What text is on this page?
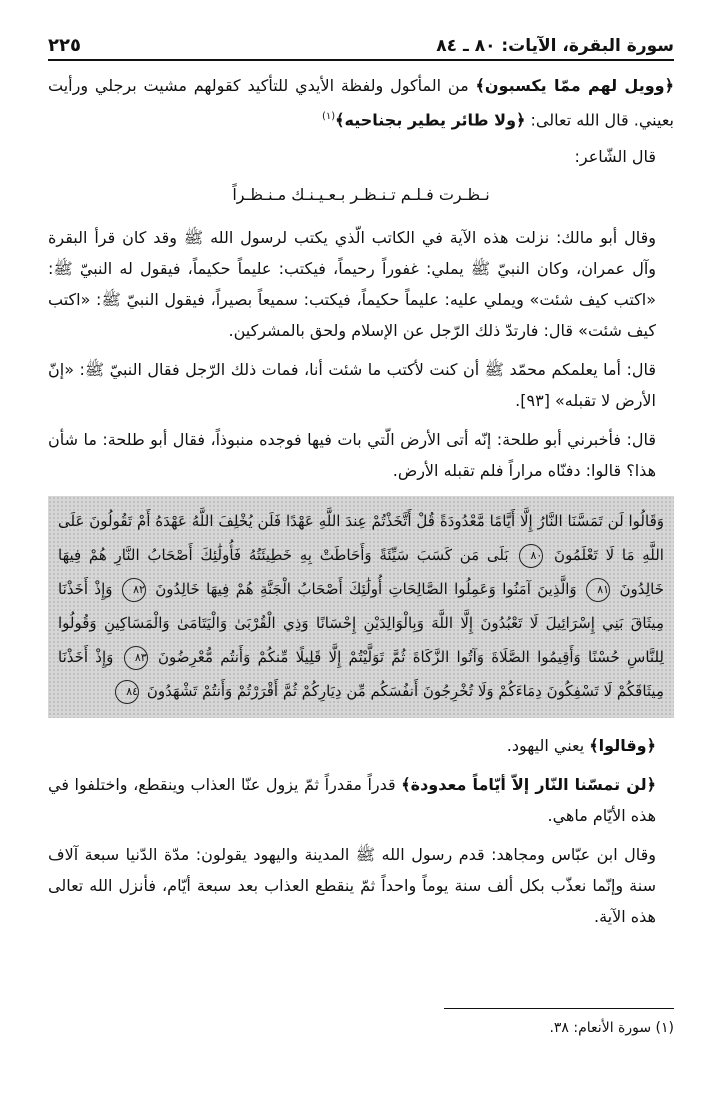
سورة البقرة، الآيات: ٨٠ ـ ٨٤
٢٢٥

﴿وويل لهم ممّا يكسبون﴾ من المأكول ولفظة الأيدي للتأكيد كقولهم مشيت برجلي ورأيت بعيني. قال الله تعالى: ﴿ولا طائر يطير بجناحيه﴾$^{(١)}$

قال الشّاعر:

نـظـرت فـلـم تـنـظـر بـعـيـنـك مـنـظـراً

وقال أبو مالك: نزلت هذه الآية في الكاتب الّذي يكتب لرسول الله ﷺ وقد كان قرأ البقرة وآل عمران، وكان النبيّ ﷺ يملي: غفوراً رحيماً، فيكتب: عليماً حكيماً، فيقول له النبيّ ﷺ: «اكتب كيف شئت» ويملي عليه: عليماً حكيماً، فيكتب: سميعاً بصيراً، فيقول النبيّ ﷺ: «اكتب كيف شئت» قال: فارتدّ ذلك الرّجل عن الإسلام ولحق بالمشركين.

قال: أما يعلمكم محمّد ﷺ أن كنت لأكتب ما شئت أنا، فمات ذلك الرّجل فقال النبيّ ﷺ: «إنّ الأرض لا تقبله» [٩٣].

قال: فأخبرني أبو طلحة: إنّه أتى الأرض الّتي بات فيها فوجده منبوذاً، فقال أبو طلحة: ما شأن هذا؟ قالوا: دفنّاه مراراً فلم تقبله الأرض.

وَقَالُوا لَن تَمَسَّنَا النَّارُ إِلَّا أَيَّامًا مَّعْدُودَةً قُلْ أَتَّخَذْتُمْ عِندَ اللَّهِ عَهْدًا فَلَن يُخْلِفَ اللَّهُ عَهْدَهُ أَمْ تَقُولُونَ عَلَى اللَّهِ مَا لَا تَعْلَمُونَ ٨٠ بَلَى مَن كَسَبَ سَيِّئَةً وَأَحَاطَتْ بِهِ خَطِيئَتُهُ فَأُولَٰئِكَ أَصْحَابُ النَّارِ هُمْ فِيهَا خَالِدُونَ ٨١ وَالَّذِينَ آمَنُوا وَعَمِلُوا الصَّالِحَاتِ أُولَٰئِكَ أَصْحَابُ الْجَنَّةِ هُمْ فِيهَا خَالِدُونَ ٨٢ وَإِذْ أَخَذْنَا مِيثَاقَ بَنِي إِسْرَائِيلَ لَا تَعْبُدُونَ إِلَّا اللَّهَ وَبِالْوَالِدَيْنِ إِحْسَانًا وَذِي الْقُرْبَىٰ وَالْيَتَامَىٰ وَالْمَسَاكِينِ وَقُولُوا لِلنَّاسِ حُسْنًا وَأَقِيمُوا الصَّلَاةَ وَآتُوا الزَّكَاةَ ثُمَّ تَوَلَّيْتُمْ إِلَّا قَلِيلًا مِّنكُمْ وَأَنتُم مُّعْرِضُونَ ٨٣ وَإِذْ أَخَذْنَا مِيثَاقَكُمْ لَا تَسْفِكُونَ دِمَاءَكُمْ وَلَا تُخْرِجُونَ أَنفُسَكُم مِّن دِيَارِكُمْ ثُمَّ أَقْرَرْتُمْ وَأَنتُمْ تَشْهَدُونَ ٨٤

﴿وقالوا﴾ يعني اليهود.

﴿لن تمسّنا النّار إلاّ أيّاماً معدودة﴾ قدراً مقدراً ثمّ يزول عنّا العذاب وينقطع، واختلفوا في هذه الأيّام ماهي.

وقال ابن عبّاس ومجاهد: قدم رسول الله ﷺ المدينة واليهود يقولون: مدّة الدّنيا سبعة آلاف سنة وإنّما نعذّب بكل ألف سنة يوماً واحداً ثمّ ينقطع العذاب بعد سبعة أيّام، فأنزل الله تعالى هذه الآية.

(١) سورة الأنعام: ٣٨.
